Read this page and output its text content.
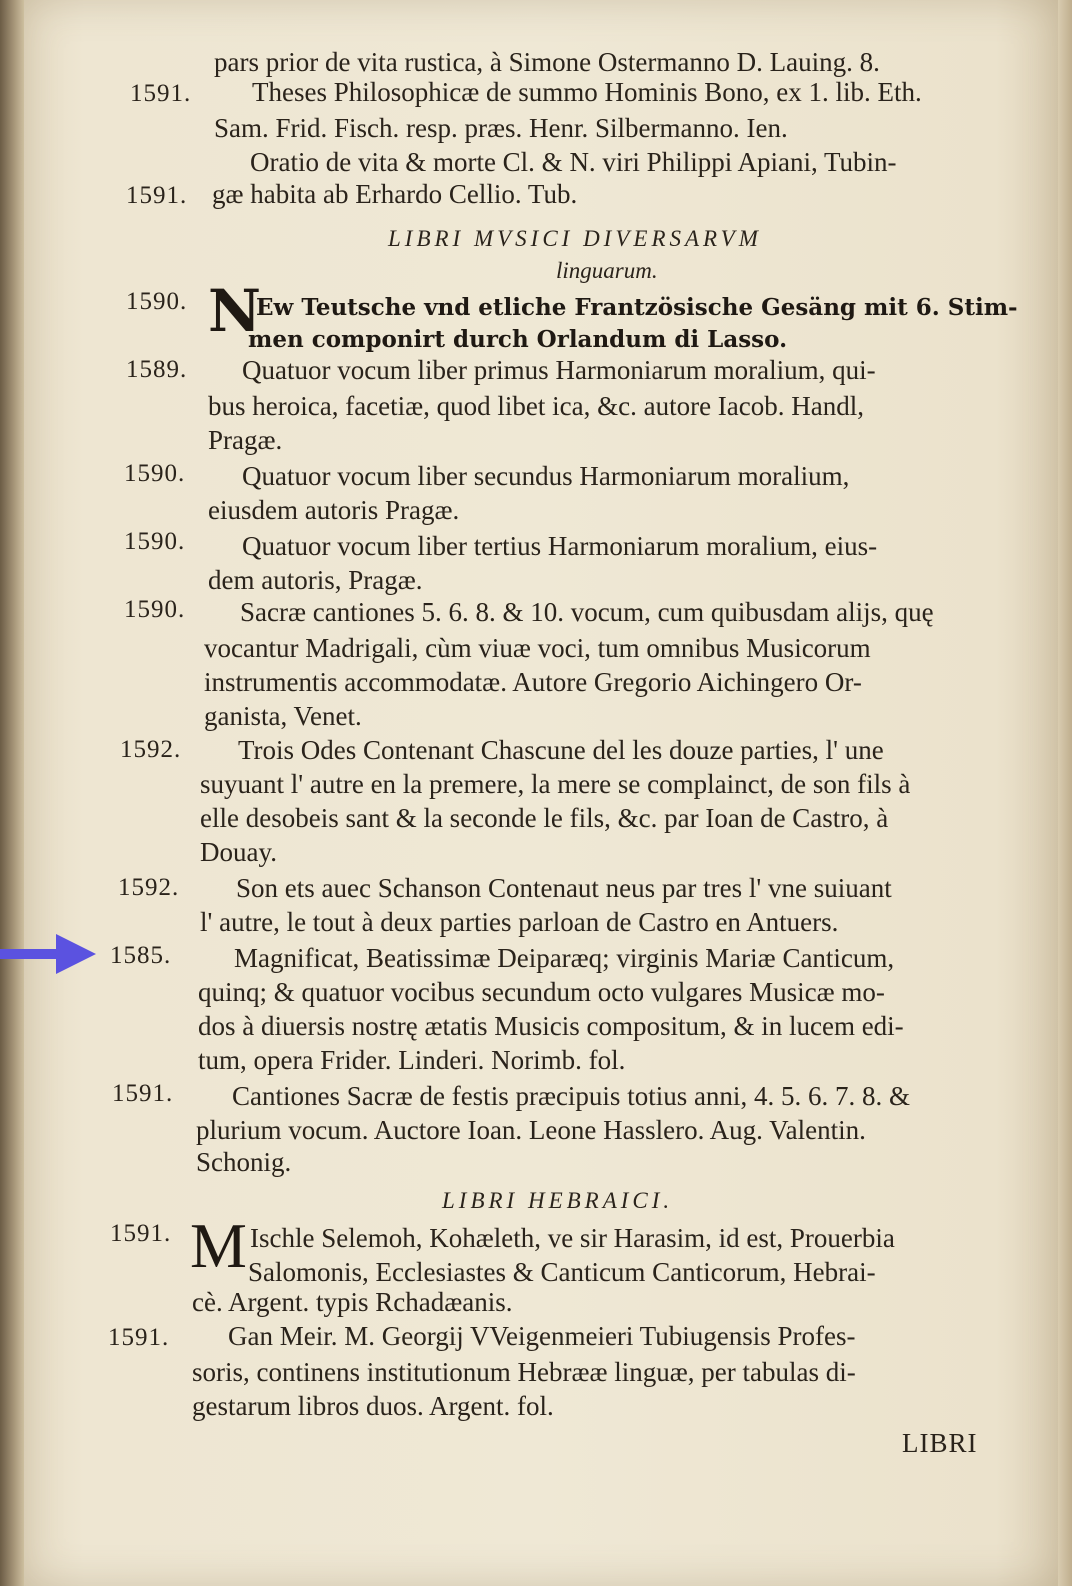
pars prior de vita rustica, à Simone Ostermanno D. Lauing. 8.
1591. Theses Philosophicæ de summo Hominis Bono, ex 1. lib. Eth.
Sam. Frid. Fisch. resp. præs. Henr. Silbermanno. Ien.
Oratio de vita & morte Cl. & N. viri Philippi Apiani, Tubin-
1591. gæ habita ab Erhardo Cellio. Tub.
LIBRI MVSICI DIVERSARVM
linguarum.
1590. N
Ew Teutsche vnd etliche Frantzösische Gesäng mit 6. Stim-
men componirt durch Orlandum di Lasso.
1589. Quatuor vocum liber primus Harmoniarum moralium, qui-
bus heroica, facetiæ, quod libet ica, &c. autore Iacob. Handl,
Pragæ.
1590. Quatuor vocum liber secundus Harmoniarum moralium,
eiusdem autoris Pragæ.
1590. Quatuor vocum liber tertius Harmoniarum moralium, eius-
dem autoris, Pragæ.
1590. Sacræ cantiones 5. 6. 8. & 10. vocum, cum quibusdam alijs, quę
vocantur Madrigali, cùm viuæ voci, tum omnibus Musicorum
instrumentis accommodatæ. Autore Gregorio Aichingero Or-
ganista, Venet.
1592. Trois Odes Contenant Chascune del les douze parties, l' une
suyuant l' autre en la premere, la mere se complainct, de son fils à
elle desobeis sant & la seconde le fils, &c. par Ioan de Castro, à
Douay.
1592. Son ets auec Schanson Contenaut neus par tres l' vne suiuant
l' autre, le tout à deux parties parloan de Castro en Antuers.
1585. Magnificat, Beatissimæ Deiparæq; virginis Mariæ Canticum,
quinq; & quatuor vocibus secundum octo vulgares Musicæ mo-
dos à diuersis nostrę ætatis Musicis compositum, & in lucem edi-
tum, opera Frider. Linderi. Norimb. fol.
1591. Cantiones Sacræ de festis præcipuis totius anni, 4. 5. 6. 7. 8. &
plurium vocum. Auctore Ioan. Leone Hasslero. Aug. Valentin.
Schonig.
LIBRI HEBRAICI.
1591. M Ischle Selemoh, Kohæleth, ve sir Harasim, id est, Prouerbia
Salomonis, Ecclesiastes & Canticum Canticorum, Hebrai-
cè. Argent. typis Rchadæanis.
1591. Gan Meir. M. Georgij VVeigenmeieri Tubiugensis Profes-
soris, continens institutionum Hebrææ linguæ, per tabulas di-
gestarum libros duos. Argent. fol.
LIBRI
